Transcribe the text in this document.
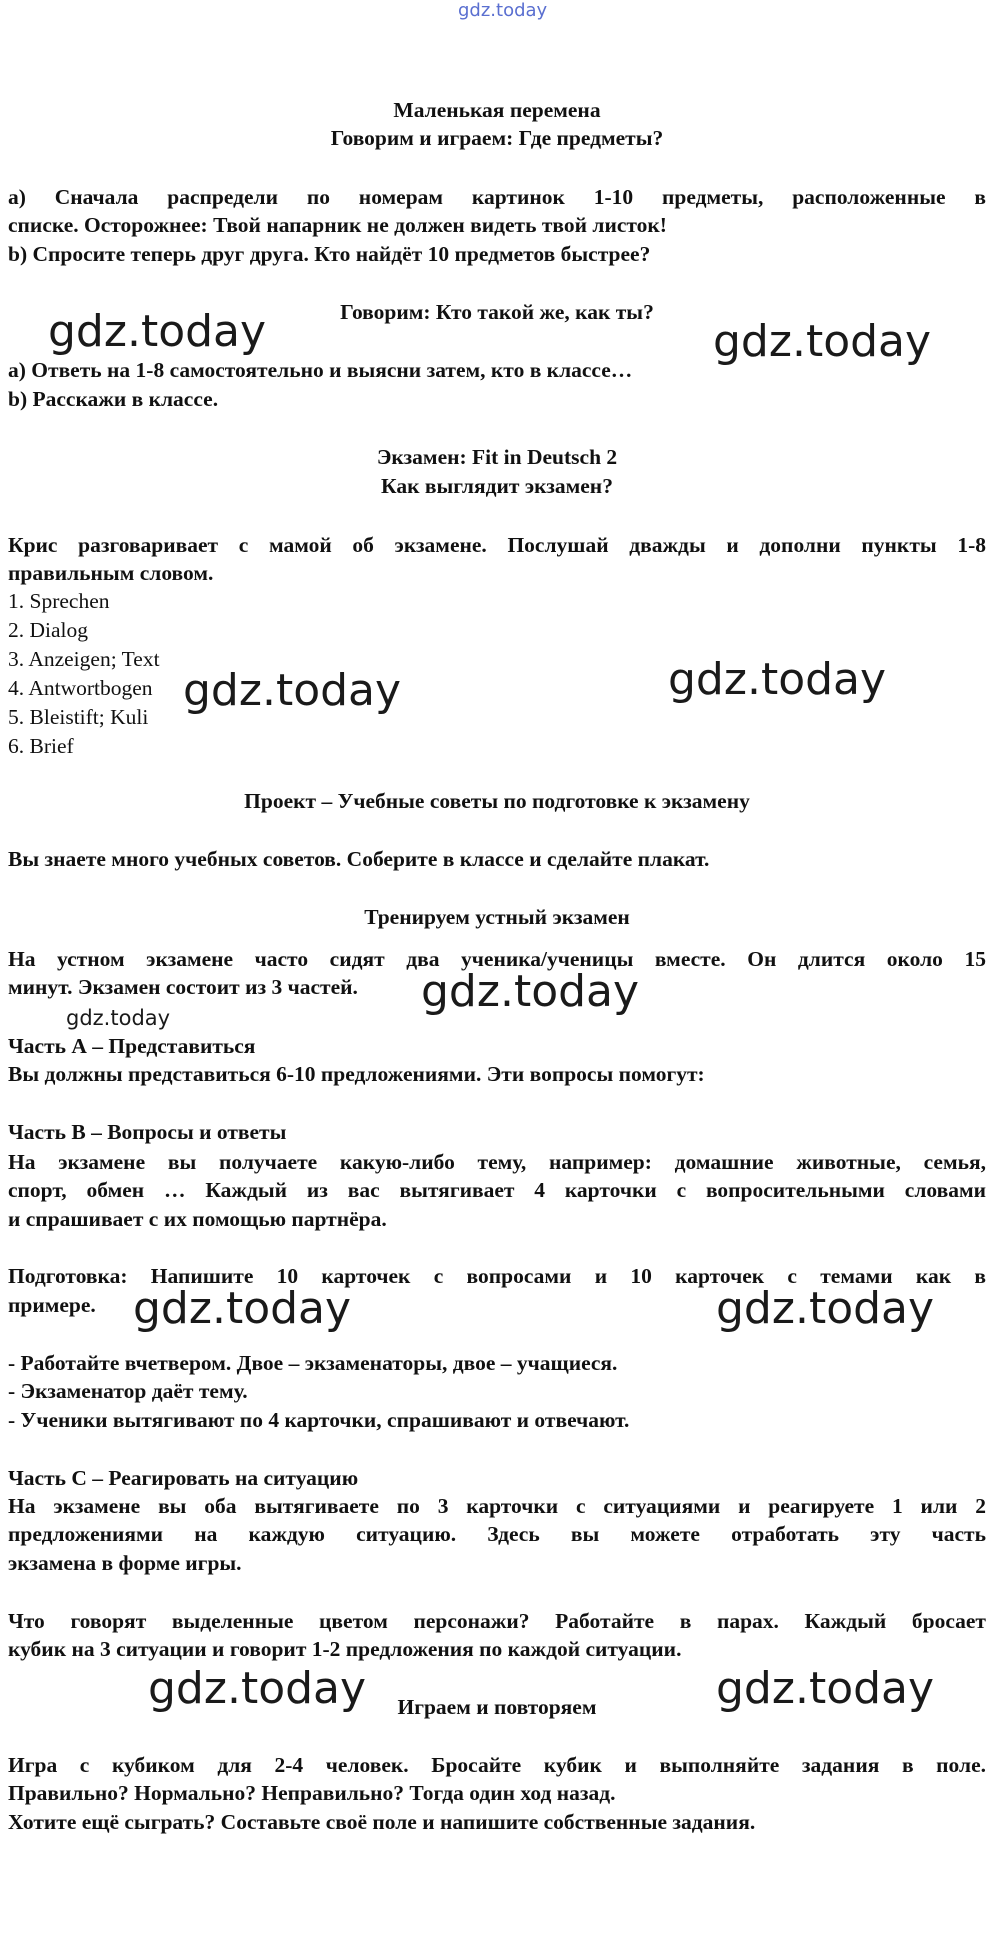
gdz.today
Маленькая перемена
Говорим и играем: Где предметы?
a) Сначала распредели по номерам картинок 1-10 предметы, расположенные в
списке. Осторожнее: Твой напарник не должен видеть твой листок!
b) Спросите теперь друг друга. Кто найдёт 10 предметов быстрее?
Говорим: Кто такой же, как ты?
а) Ответь на 1-8 самостоятельно и выясни затем, кто в классе…
b) Расскажи в классе.
Экзамен: Fit in Deutsch 2
Как выглядит экзамен?
Крис разговаривает с мамой об экзамене. Послушай дважды и дополни пункты 1-8
правильным словом.
1. Sprechen
2. Dialog
3. Anzeigen; Text
4. Antwortbogen
5. Bleistift; Kuli
6. Brief
Проект – Учебные советы по подготовке к экзамену
Вы знаете много учебных советов. Соберите в классе и сделайте плакат.
Тренируем устный экзамен
На устном экзамене часто сидят два ученика/ученицы вместе. Он длится около 15
минут. Экзамен состоит из 3 частей.
Часть А – Представиться
Вы должны представиться 6-10 предложениями. Эти вопросы помогут:
Часть В – Вопросы и ответы
На экзамене вы получаете какую-либо тему, например: домашние животные, семья,
спорт, обмен … Каждый из вас вытягивает 4 карточки с вопросительными словами
и спрашивает с их помощью партнёра.
Подготовка: Напишите 10 карточек с вопросами и 10 карточек с темами как в
примере.
- Работайте вчетвером. Двое – экзаменаторы, двое – учащиеся.
- Экзаменатор даёт тему.
- Ученики вытягивают по 4 карточки, спрашивают и отвечают.
Часть С – Реагировать на ситуацию
На экзамене вы оба вытягиваете по 3 карточки с ситуациями и реагируете 1 или 2
предложениями на каждую ситуацию. Здесь вы можете отработать эту часть
экзамена в форме игры.
Что говорят выделенные цветом персонажи? Работайте в парах. Каждый бросает
кубик на 3 ситуации и говорит 1-2 предложения по каждой ситуации.
Играем и повторяем
Игра с кубиком для 2-4 человек. Бросайте кубик и выполняйте задания в поле.
Правильно? Нормально? Неправильно? Тогда один ход назад.
Хотите ещё сыграть? Составьте своё поле и напишите собственные задания.
gdz.today	gdz.today
gdz.today	gdz.today
gdz.today
gdz.today
gdz.today	gdz.today
gdz.today	gdz.today
